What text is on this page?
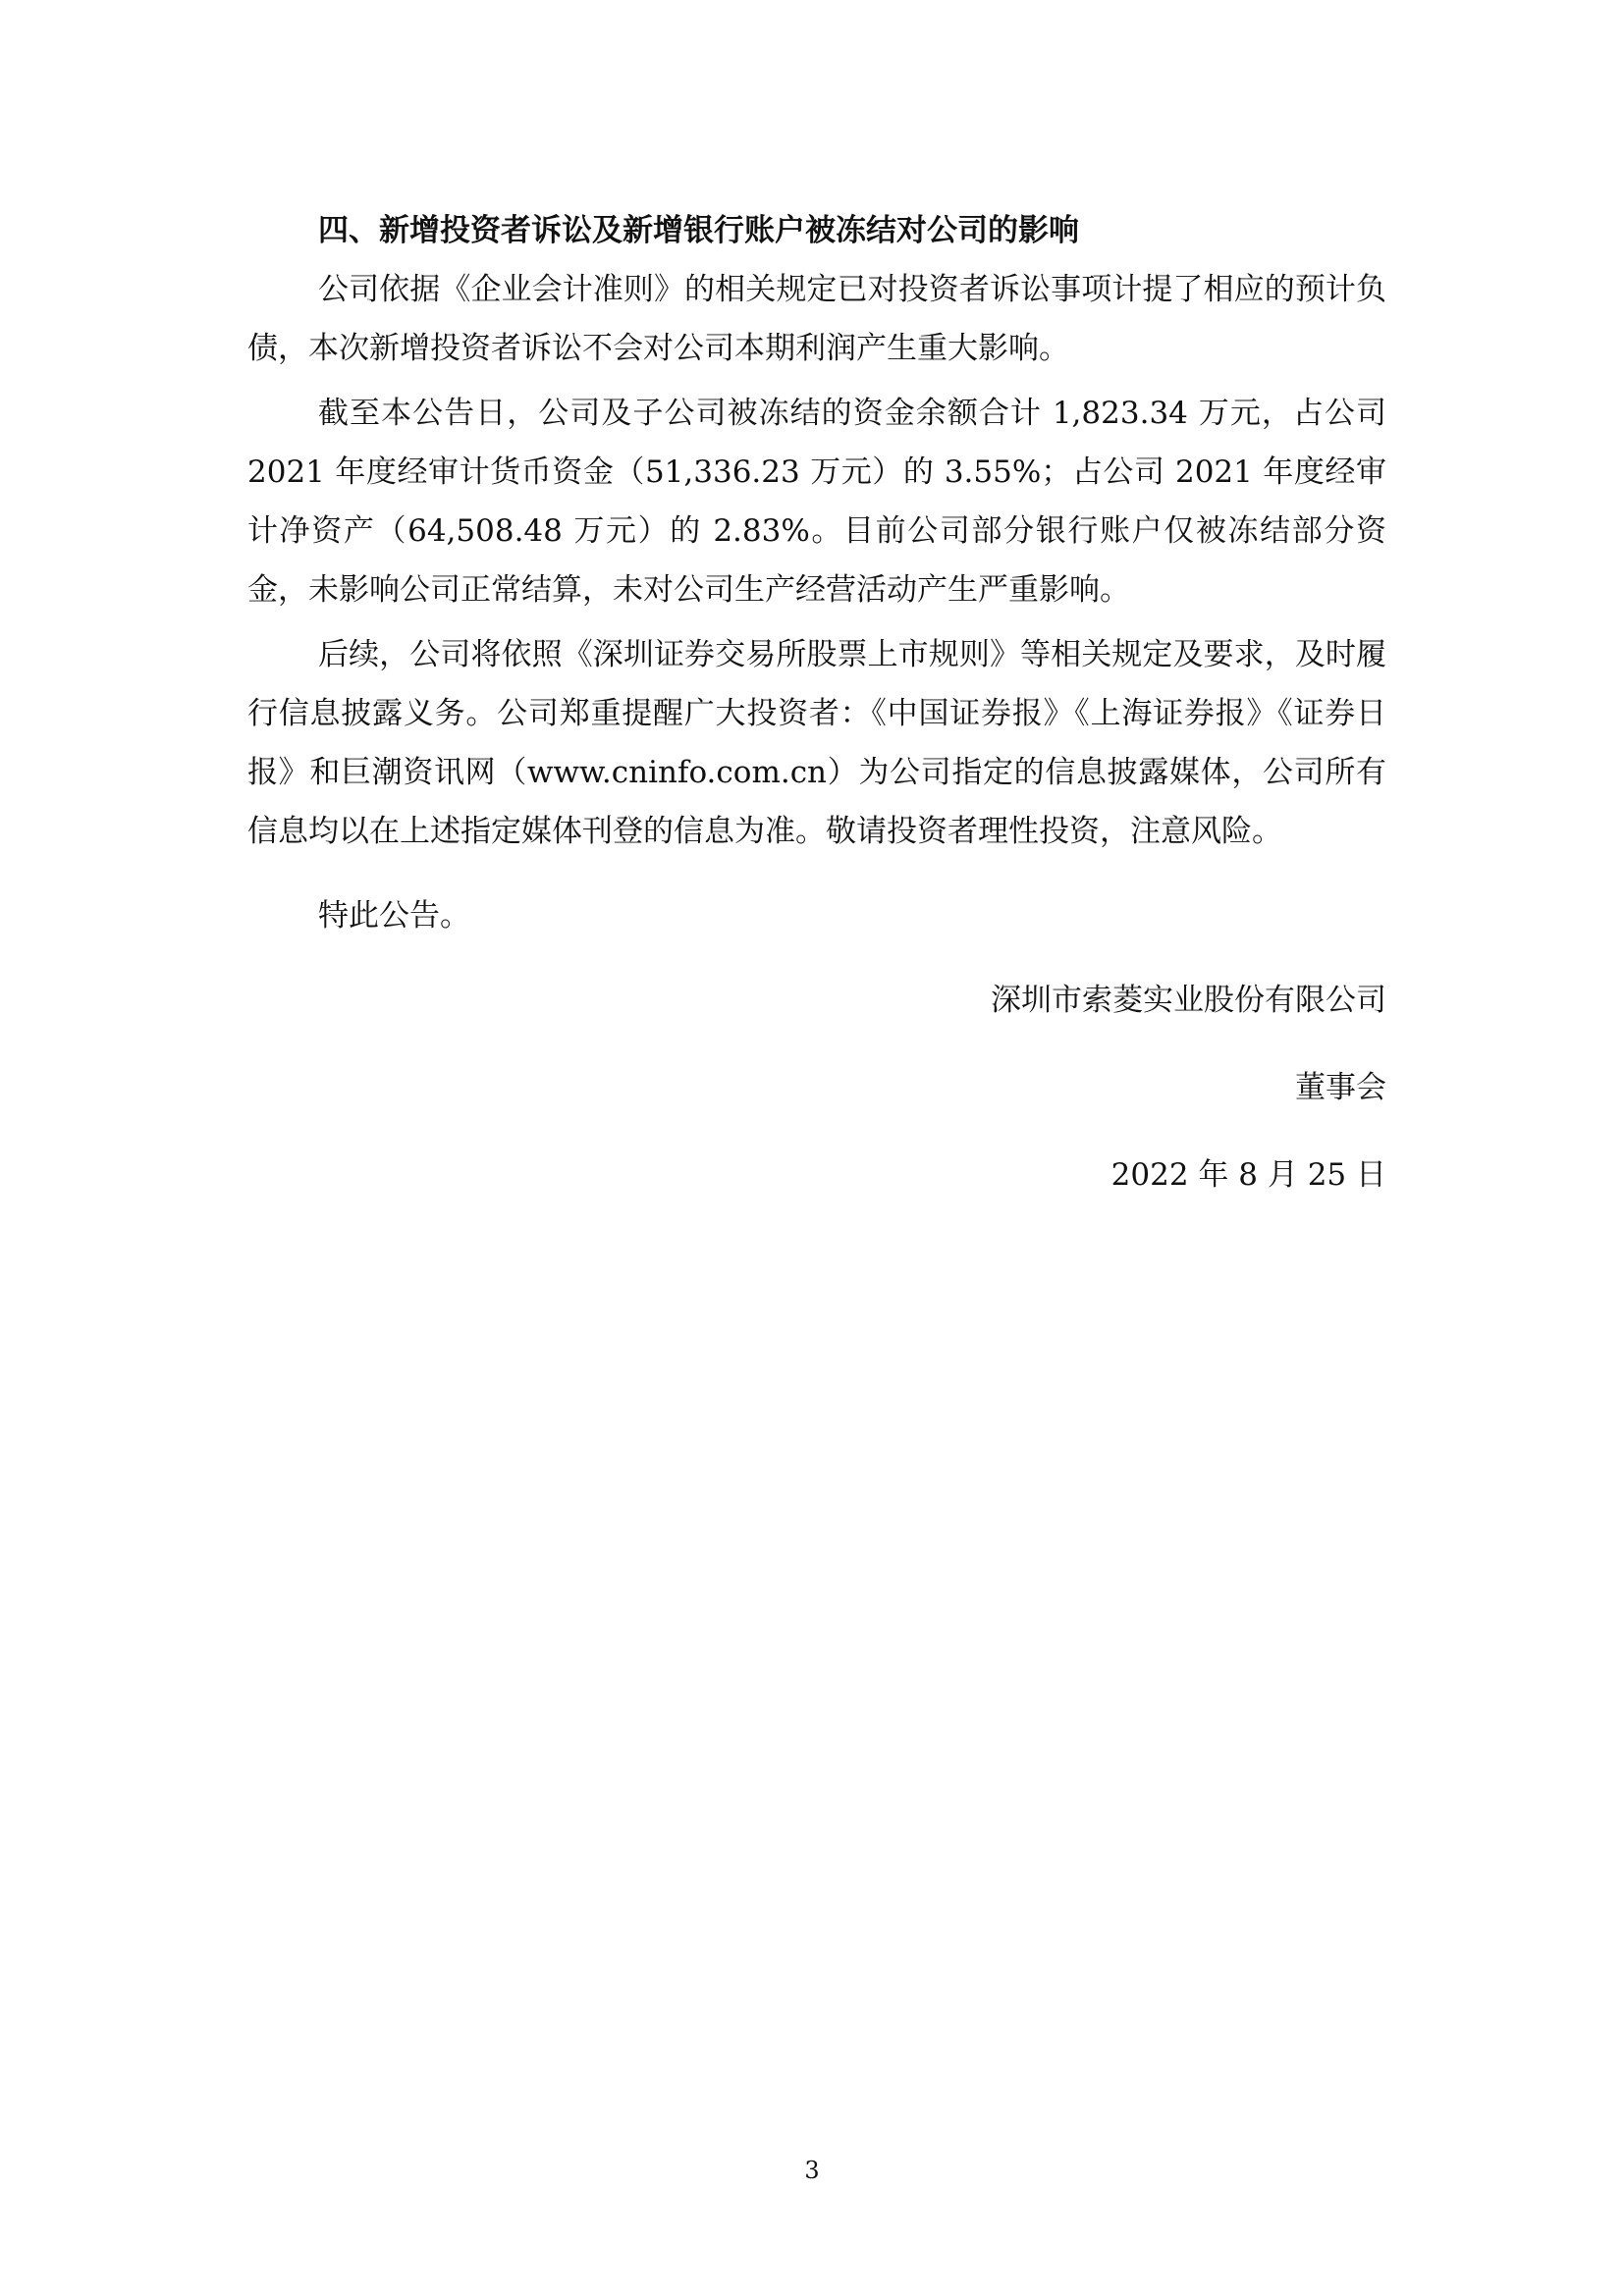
四、新增投资者诉讼及新增银行账户被冻结对公司的影响

公司依据《企业会计准则》的相关规定已对投资者诉讼事项计提了相应的预计负债，本次新增投资者诉讼不会对公司本期利润产生重大影响。

截至本公告日，公司及子公司被冻结的资金余额合计 1,823.34 万元，占公司 2021 年度经审计货币资金（51,336.23 万元）的 3.55%；占公司 2021 年度经审计净资产（64,508.48 万元）的 2.83%。目前公司部分银行账户仅被冻结部分资金，未影响公司正常结算，未对公司生产经营活动产生严重影响。

后续，公司将依照《深圳证券交易所股票上市规则》等相关规定及要求，及时履行信息披露义务。公司郑重提醒广大投资者：《中国证券报》《上海证券报》《证券日报》和巨潮资讯网（www.cninfo.com.cn）为公司指定的信息披露媒体，公司所有信息均以在上述指定媒体刊登的信息为准。敬请投资者理性投资，注意风险。

特此公告。

深圳市索菱实业股份有限公司
董事会
2022 年 8 月 25 日
3
